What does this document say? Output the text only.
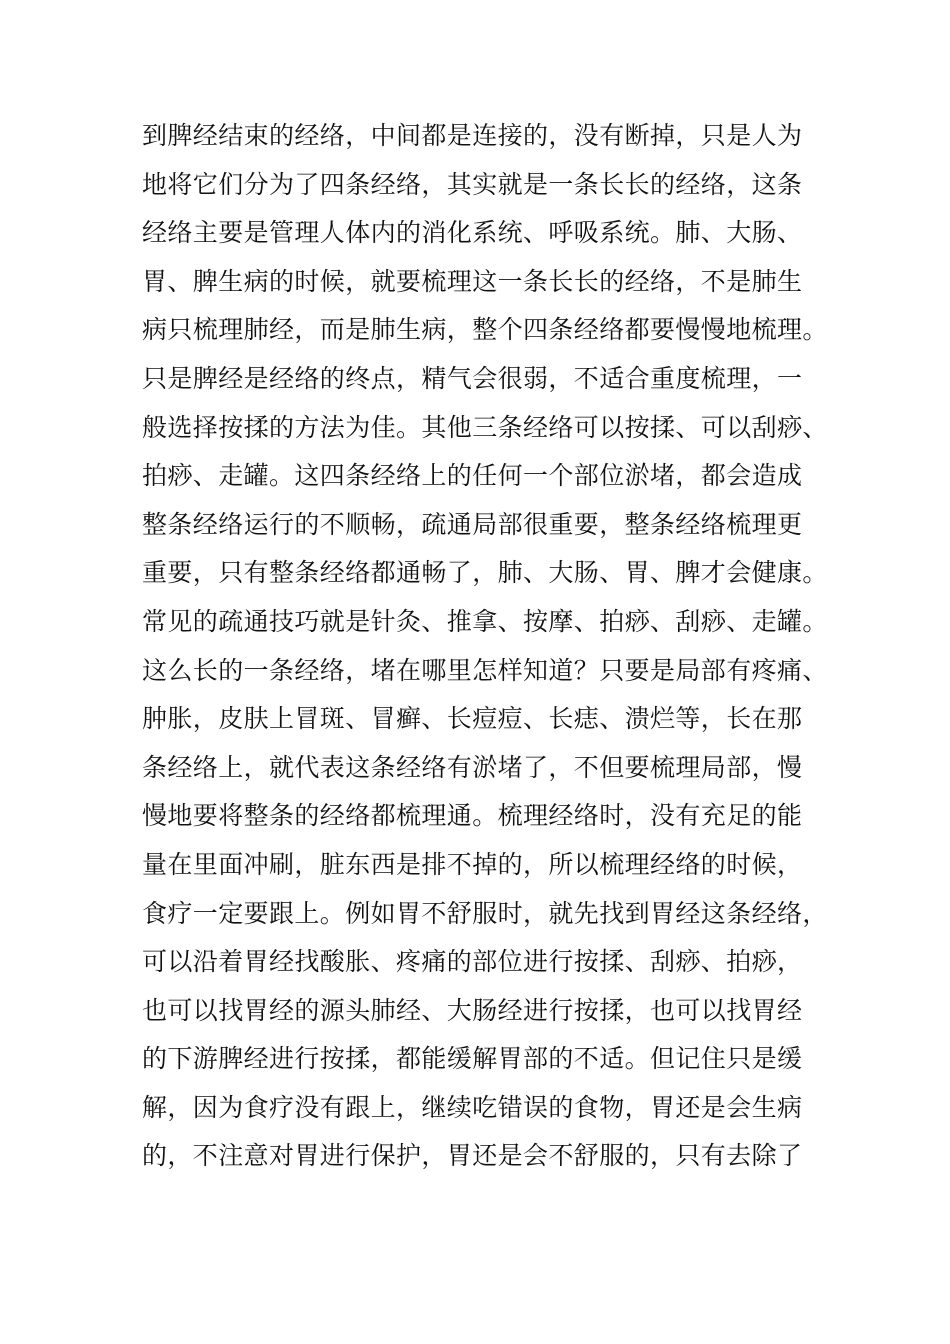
到脾经结束的经络，中间都是连接的，没有断掉，只是人为
地将它们分为了四条经络，其实就是一条长长的经络，这条
经络主要是管理人体内的消化系统、呼吸系统。肺、大肠、
胃、脾生病的时候，就要梳理这一条长长的经络，不是肺生
病只梳理肺经，而是肺生病，整个四条经络都要慢慢地梳理。
只是脾经是经络的终点，精气会很弱，不适合重度梳理，一
般选择按揉的方法为佳。其他三条经络可以按揉、可以刮痧、
拍痧、走罐。这四条经络上的任何一个部位淤堵，都会造成
整条经络运行的不顺畅，疏通局部很重要，整条经络梳理更
重要，只有整条经络都通畅了，肺、大肠、胃、脾才会健康。
常见的疏通技巧就是针灸、推拿、按摩、拍痧、刮痧、走罐。
这么长的一条经络，堵在哪里怎样知道？只要是局部有疼痛、
肿胀，皮肤上冒斑、冒癣、长痘痘、长痣、溃烂等，长在那
条经络上，就代表这条经络有淤堵了，不但要梳理局部，慢
慢地要将整条的经络都梳理通。梳理经络时，没有充足的能
量在里面冲刷，脏东西是排不掉的，所以梳理经络的时候，
食疗一定要跟上。例如胃不舒服时，就先找到胃经这条经络，
可以沿着胃经找酸胀、疼痛的部位进行按揉、刮痧、拍痧，
也可以找胃经的源头肺经、大肠经进行按揉，也可以找胃经
的下游脾经进行按揉，都能缓解胃部的不适。但记住只是缓
解，因为食疗没有跟上，继续吃错误的食物，胃还是会生病
的，不注意对胃进行保护，胃还是会不舒服的，只有去除了
